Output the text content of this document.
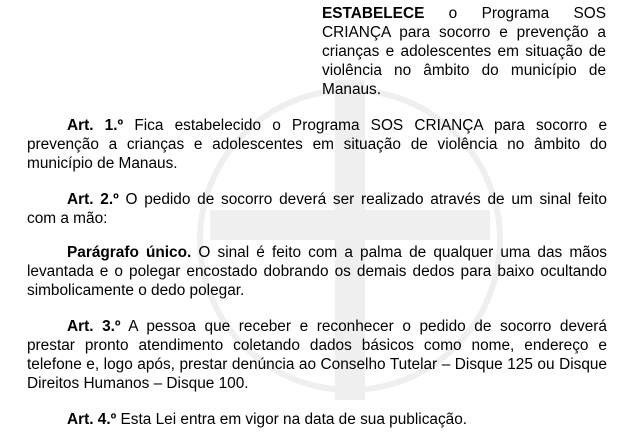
ESTABELECE o Programa SOS CRIANÇA para socorro e prevenção a crianças e adolescentes em situação de violência no âmbito do município de Manaus.

Art. 1.º Fica estabelecido o Programa SOS CRIANÇA para socorro e prevenção a crianças e adolescentes em situação de violência no âmbito do município de Manaus.

Art. 2.º O pedido de socorro deverá ser realizado através de um sinal feito com a mão:

Parágrafo único. O sinal é feito com a palma de qualquer uma das mãos levantada e o polegar encostado dobrando os demais dedos para baixo ocultando simbolicamente o dedo polegar.

Art. 3.º A pessoa que receber e reconhecer o pedido de socorro deverá prestar pronto atendimento coletando dados básicos como nome, endereço e telefone e, logo após, prestar denúncia ao Conselho Tutelar – Disque 125 ou Disque Direitos Humanos – Disque 100.

Art. 4.º Esta Lei entra em vigor na data de sua publicação.
